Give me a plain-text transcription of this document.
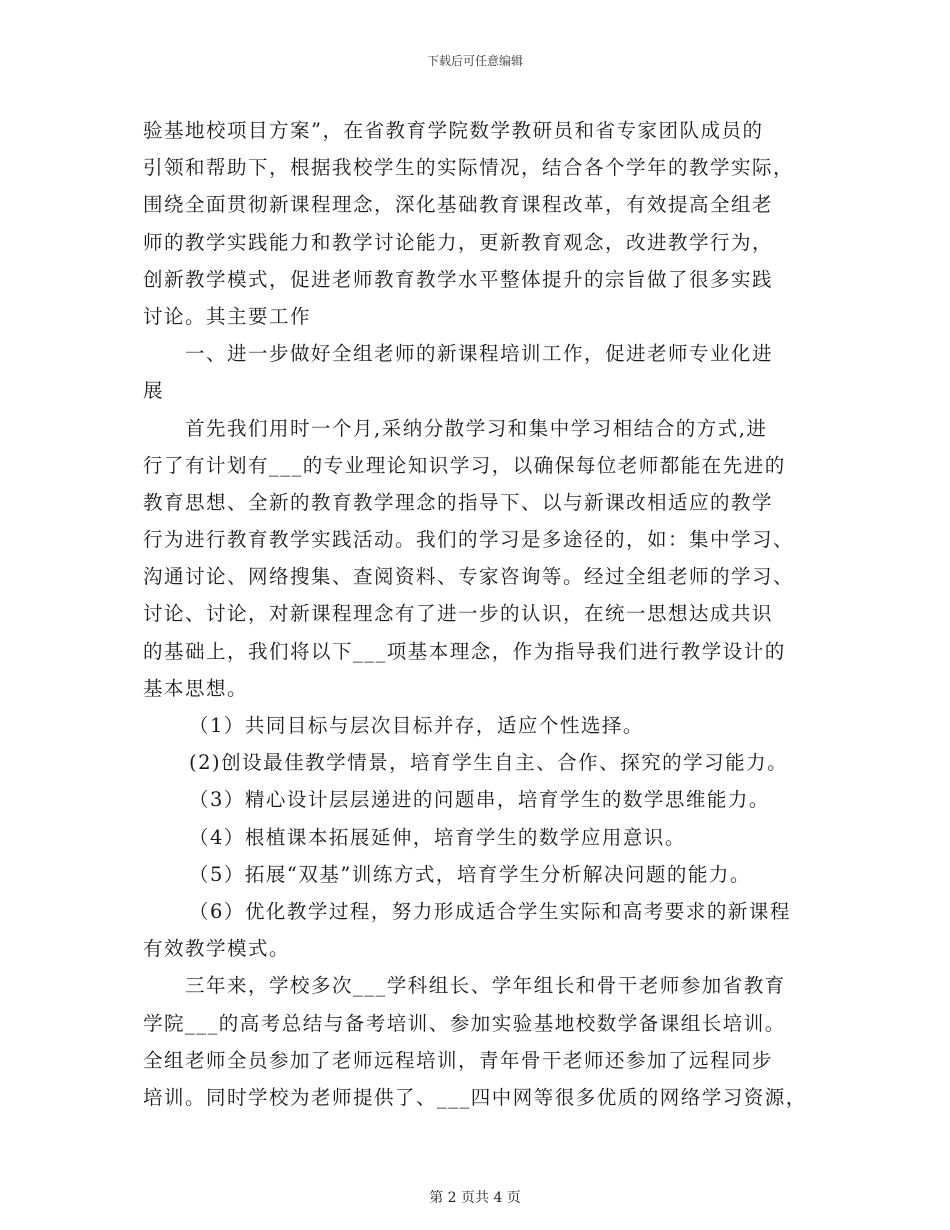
下载后可任意编辑
验基地校项目方案”，在省教育学院数学教研员和省专家团队成员的
引领和帮助下，根据我校学生的实际情况，结合各个学年的教学实际，
围绕全面贯彻新课程理念，深化基础教育课程改革，有效提高全组老
师的教学实践能力和教学讨论能力，更新教育观念，改进教学行为，
创新教学模式，促进老师教育教学水平整体提升的宗旨做了很多实践
讨论。其主要工作
一、进一步做好全组老师的新课程培训工作，促进老师专业化进
展
首先我们用时一个月,采纳分散学习和集中学习相结合的方式,进
行了有计划有___的专业理论知识学习，以确保每位老师都能在先进的
教育思想、全新的教育教学理念的指导下、以与新课改相适应的教学
行为进行教育教学实践活动。我们的学习是多途径的，如：集中学习、
沟通讨论、网络搜集、查阅资料、专家咨询等。经过全组老师的学习、
讨论、讨论，对新课程理念有了进一步的认识，在统一思想达成共识
的基础上，我们将以下___项基本理念，作为指导我们进行教学设计的
基本思想。
（1）共同目标与层次目标并存，适应个性选择。
(2)创设最佳教学情景，培育学生自主、合作、探究的学习能力。
（3）精心设计层层递进的问题串，培育学生的数学思维能力。
（4）根植课本拓展延伸，培育学生的数学应用意识。
（5）拓展“双基”训练方式，培育学生分析解决问题的能力。
（6）优化教学过程，努力形成适合学生实际和高考要求的新课程
有效教学模式。
三年来，学校多次___学科组长、学年组长和骨干老师参加省教育
学院___的高考总结与备考培训、参加实验基地校数学备课组长培训。
全组老师全员参加了老师远程培训，青年骨干老师还参加了远程同步
培训。同时学校为老师提供了、___四中网等很多优质的网络学习资源，
第 2 页共 4 页
